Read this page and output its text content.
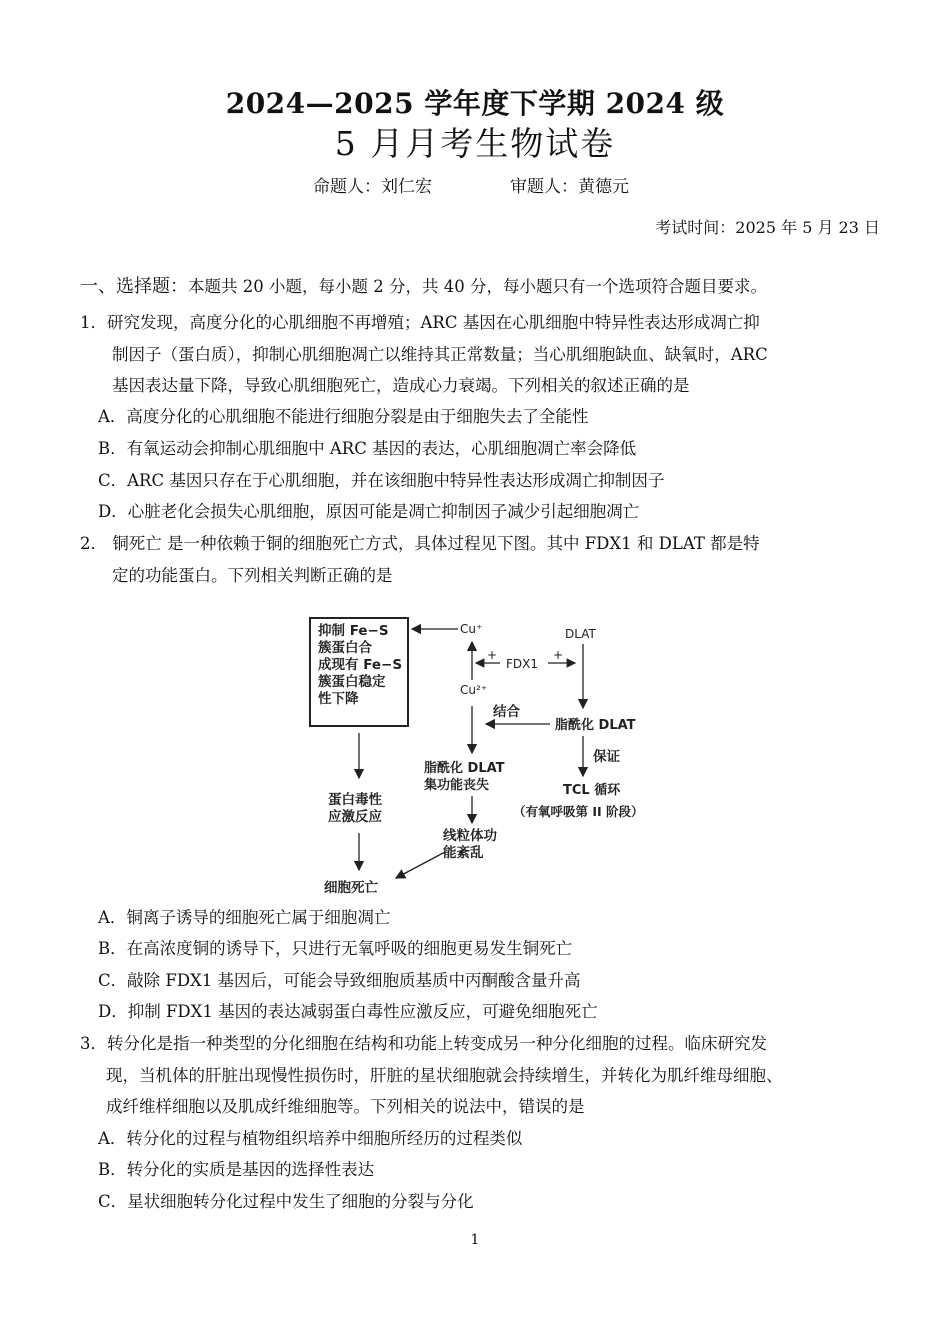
2024—2025 学年度下学期 2024 级
5 月月考生物试卷
命题人：刘仁宏	审题人：黄德元
考试时间：2025 年 5 月 23 日
一、选择题：本题共 20 小题，每小题 2 分，共 40 分，每小题只有一个选项符合题目要求。
1．研究发现，高度分化的心肌细胞不再增殖；ARC 基因在心肌细胞中特异性表达形成凋亡抑
制因子（蛋白质），抑制心肌细胞凋亡以维持其正常数量；当心肌细胞缺血、缺氧时，ARC
基因表达量下降，导致心肌细胞死亡，造成心力衰竭。下列相关的叙述正确的是
A．高度分化的心肌细胞不能进行细胞分裂是由于细胞失去了全能性
B．有氧运动会抑制心肌细胞中 ARC 基因的表达，心肌细胞凋亡率会降低
C．ARC 基因只存在于心肌细胞，并在该细胞中特异性表达形成凋亡抑制因子
D．心脏老化会损失心肌细胞，原因可能是凋亡抑制因子减少引起细胞凋亡
2． 铜死亡 是一种依赖于铜的细胞死亡方式，具体过程见下图。其中 FDX1 和 DLAT 都是特
定的功能蛋白。下列相关判断正确的是
抑制 Fe−S
簇蛋白合
成现有 Fe−S
簇蛋白稳定
性下降
Cu⁺
Cu²⁺
+
FDX1
+
DLAT
脂酰化 DLAT
结合
脂酰化 DLAT
集功能丧失
保证
TCL 循环
（有氧呼吸第 II 阶段）
蛋白毒性
应激反应
线粒体功
能紊乱
细胞死亡
A．铜离子诱导的细胞死亡属于细胞凋亡
B．在高浓度铜的诱导下，只进行无氧呼吸的细胞更易发生铜死亡
C．敲除 FDX1 基因后，可能会导致细胞质基质中丙酮酸含量升高
D．抑制 FDX1 基因的表达减弱蛋白毒性应激反应，可避免细胞死亡
3．转分化是指一种类型的分化细胞在结构和功能上转变成另一种分化细胞的过程。临床研究发
现，当机体的肝脏出现慢性损伤时，肝脏的星状细胞就会持续增生，并转化为肌纤维母细胞、
成纤维样细胞以及肌成纤维细胞等。下列相关的说法中，错误的是
A．转分化的过程与植物组织培养中细胞所经历的过程类似
B．转分化的实质是基因的选择性表达
C．星状细胞转分化过程中发生了细胞的分裂与分化
1
